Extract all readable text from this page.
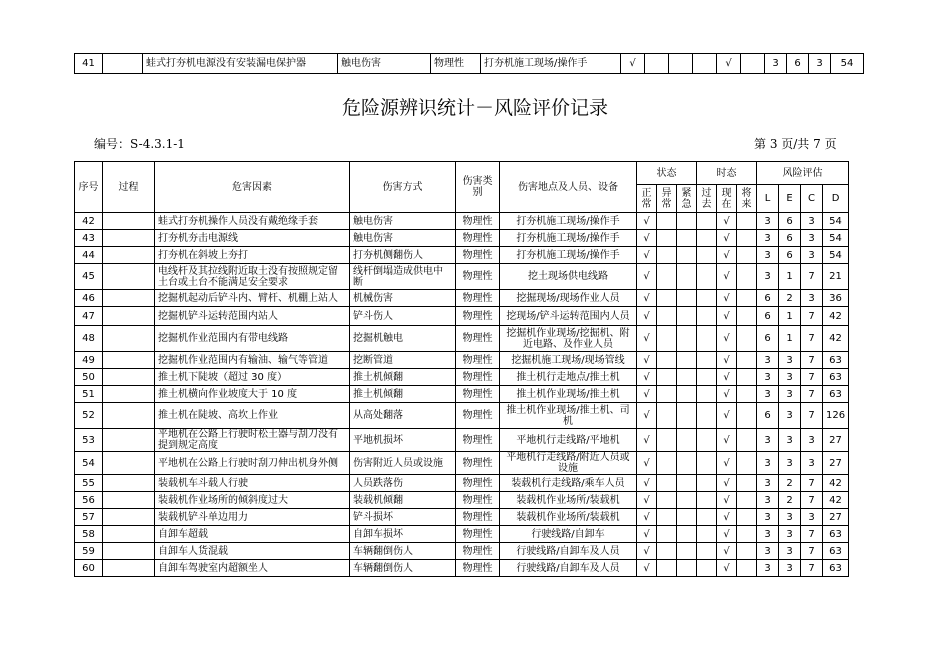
41		蛙式打夯机电源没有安装漏电保护器	触电伤害	物理性	打夯机施工现场/操作手	√				√		3	6	3	54
危险源辨识统计－风险评价记录
编号：S-4.3.1-1	第 3 页/共 7 页
序号	过程	危害因素	伤害方式	伤害类别	伤害地点及人员、设备	状态			时态			风险评估			
						正常	异常	紧急	过去	现在	将来	L	E	C	D
42		蛙式打夯机操作人员没有戴绝缘手套	触电伤害	物理性	打夯机施工现场/操作手	√				√		3	6	3	54
43		打夯机夯击电源线	触电伤害	物理性	打夯机施工现场/操作手	√				√		3	6	3	54
44		打夯机在斜坡上夯打	打夯机侧翻伤人	物理性	打夯机施工现场/操作手	√				√		3	6	3	54
45		电线杆及其拉线附近取土没有按照规定留土台或土台不能满足安全要求	线杆倒塌造成供电中断	物理性	挖土现场供电线路	√				√		3	1	7	21
46		挖掘机起动后铲斗内、臂杆、机棚上站人	机械伤害	物理性	挖掘现场/现场作业人员	√				√		6	2	3	36
47		挖掘机铲斗运转范围内站人	铲斗伤人	物理性	挖现场/铲斗运转范围内人员	√				√		6	1	7	42
48		挖掘机作业范围内有带电线路	挖掘机触电	物理性	挖掘机作业现场/挖掘机、附近电路、及作业人员	√				√		6	1	7	42
49		挖掘机作业范围内有输油、输气等管道	挖断管道	物理性	挖掘机施工现场/现场管线	√				√		3	3	7	63
50		推土机下陡坡（超过 30 度）	推土机倾翻	物理性	推土机行走地点/推土机	√				√		3	3	7	63
51		推土机横向作业坡度大于 10 度	推土机倾翻	物理性	推土机作业现场/推土机	√				√		3	3	7	63
52		推土机在陡坡、高坎上作业	从高处翻落	物理性	推土机作业现场/推土机、司机	√				√		6	3	7	126
53		平地机在公路上行驶时松土器与刮刀没有提到规定高度	平地机损坏	物理性	平地机行走线路/平地机	√				√		3	3	3	27
54		平地机在公路上行驶时刮刀伸出机身外侧	伤害附近人员或设施	物理性	平地机行走线路/附近人员或设施	√				√		3	3	3	27
55		装载机车斗载人行驶	人员跌落伤	物理性	装载机行走线路/乘车人员	√				√		3	2	7	42
56		装载机作业场所的倾斜度过大	装载机倾翻	物理性	装载机作业场所/装载机	√				√		3	2	7	42
57		装载机铲斗单边用力	铲斗损坏	物理性	装载机作业场所/装载机	√				√		3	3	3	27
58		自卸车超载	自卸车损坏	物理性	行驶线路/自卸车	√				√		3	3	7	63
59		自卸车人货混载	车辆翻倒伤人	物理性	行驶线路/自卸车及人员	√				√		3	3	7	63
60		自卸车驾驶室内超额坐人	车辆翻倒伤人	物理性	行驶线路/自卸车及人员	√				√		3	3	7	63
